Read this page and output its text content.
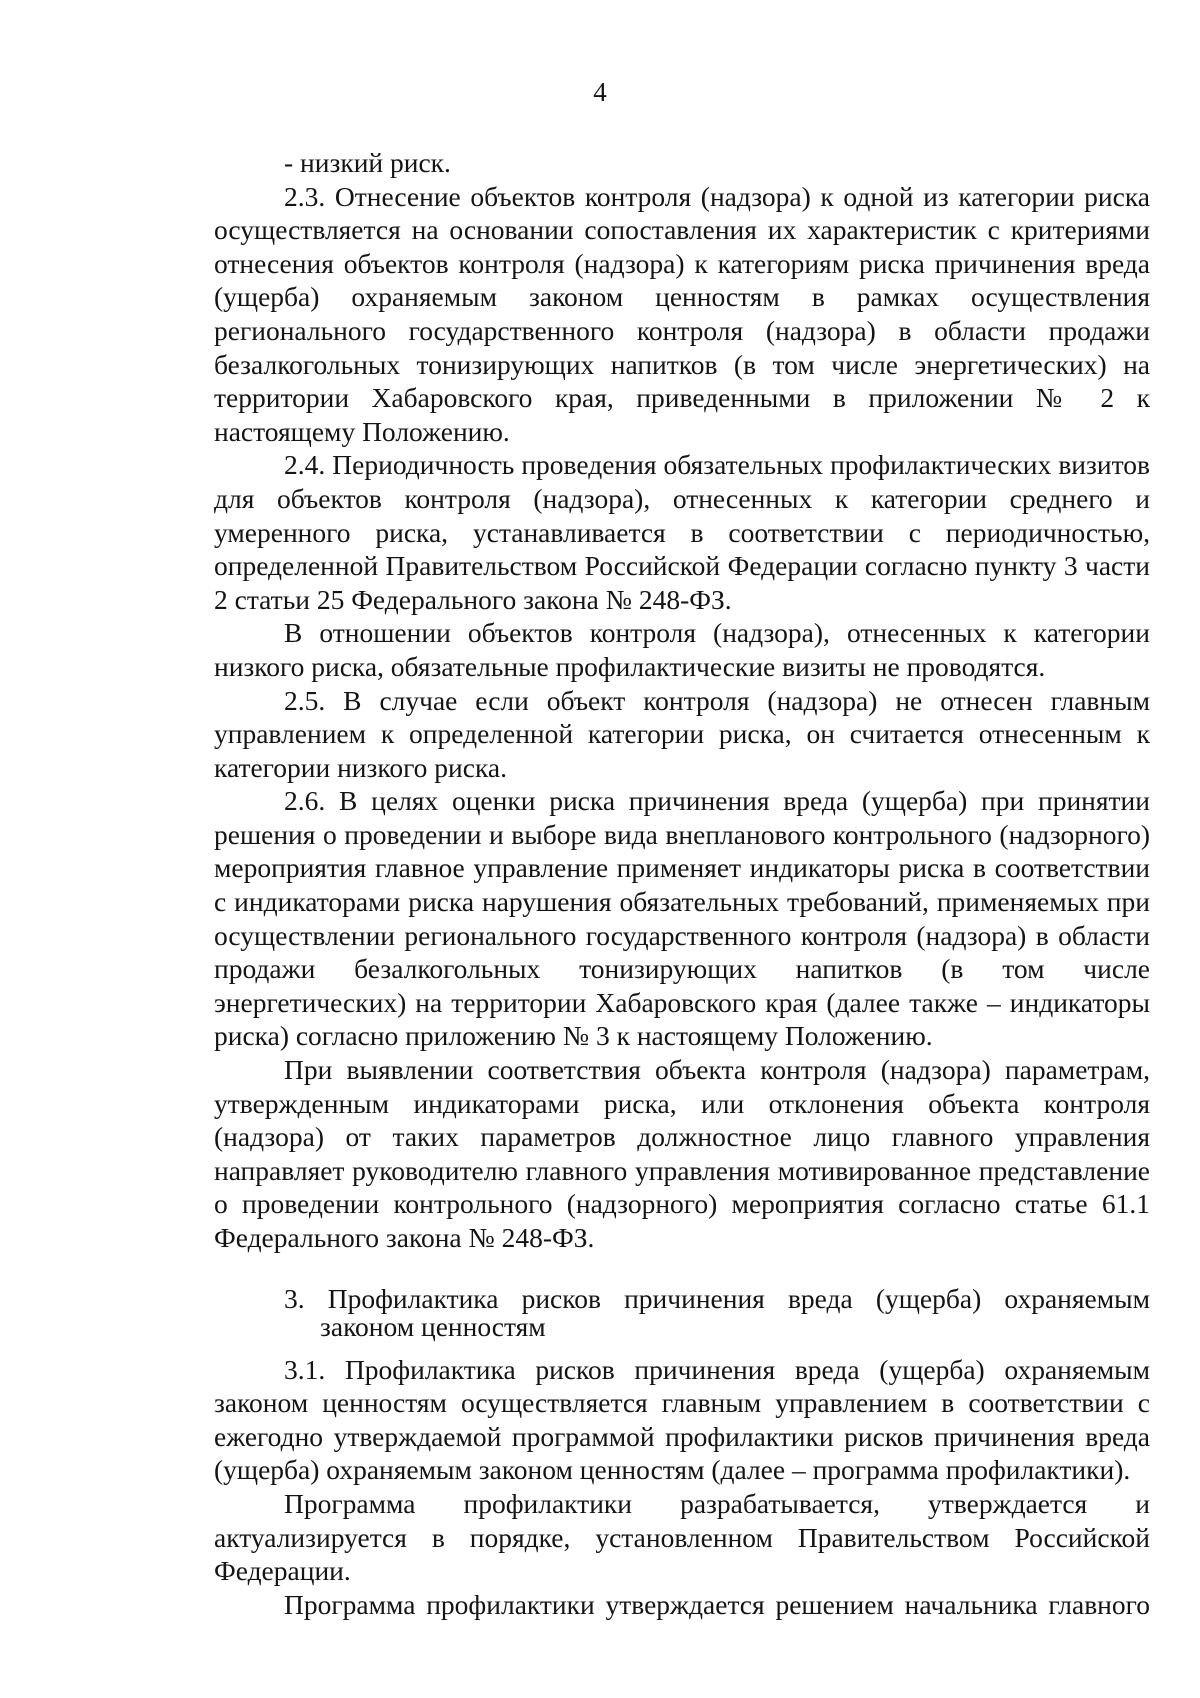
4

- низкий риск.

2.3. Отнесение объектов контроля (надзора) к одной из категории риска осуществляется на основании сопоставления их характеристик с критериями отнесения объектов контроля (надзора) к категориям риска причинения вреда (ущерба) охраняемым законом ценностям в рамках осуществления регионального государственного контроля (надзора) в области продажи безалкогольных тонизирующих напитков (в том числе энергетических) на территории Хабаровского края, приведенными в приложении № 2 к настоящему Положению.

2.4. Периодичность проведения обязательных профилактических визитов для объектов контроля (надзора), отнесенных к категории среднего и умеренного риска, устанавливается в соответствии с периодичностью, определенной Правительством Российской Федерации согласно пункту 3 части 2 статьи 25 Федерального закона № 248-ФЗ.

В отношении объектов контроля (надзора), отнесенных к категории низкого риска, обязательные профилактические визиты не проводятся.

2.5. В случае если объект контроля (надзора) не отнесен главным управлением к определенной категории риска, он считается отнесенным к категории низкого риска.

2.6. В целях оценки риска причинения вреда (ущерба) при принятии решения о проведении и выборе вида внепланового контрольного (надзорного) мероприятия главное управление применяет индикаторы риска в соответствии с индикаторами риска нарушения обязательных требований, применяемых при осуществлении регионального государственного контроля (надзора) в области продажи безалкогольных тонизирующих напитков (в том числе энергетических) на территории Хабаровского края (далее также – индикаторы риска) согласно приложению № 3 к настоящему Положению.

При выявлении соответствия объекта контроля (надзора) параметрам, утвержденным индикаторами риска, или отклонения объекта контроля (надзора) от таких параметров должностное лицо главного управления направляет руководителю главного управления мотивированное представление о проведении контрольного (надзорного) мероприятия согласно статье 61.1 Федерального закона № 248-ФЗ.

3. Профилактика рисков причинения вреда (ущерба) охраняемым законом ценностям

3.1. Профилактика рисков причинения вреда (ущерба) охраняемым законом ценностям осуществляется главным управлением в соответствии с ежегодно утверждаемой программой профилактики рисков причинения вреда (ущерба) охраняемым законом ценностям (далее – программа профилактики).

Программа профилактики разрабатывается, утверждается и актуализируется в порядке, установленном Правительством Российской Федерации.

Программа профилактики утверждается решением начальника главного
